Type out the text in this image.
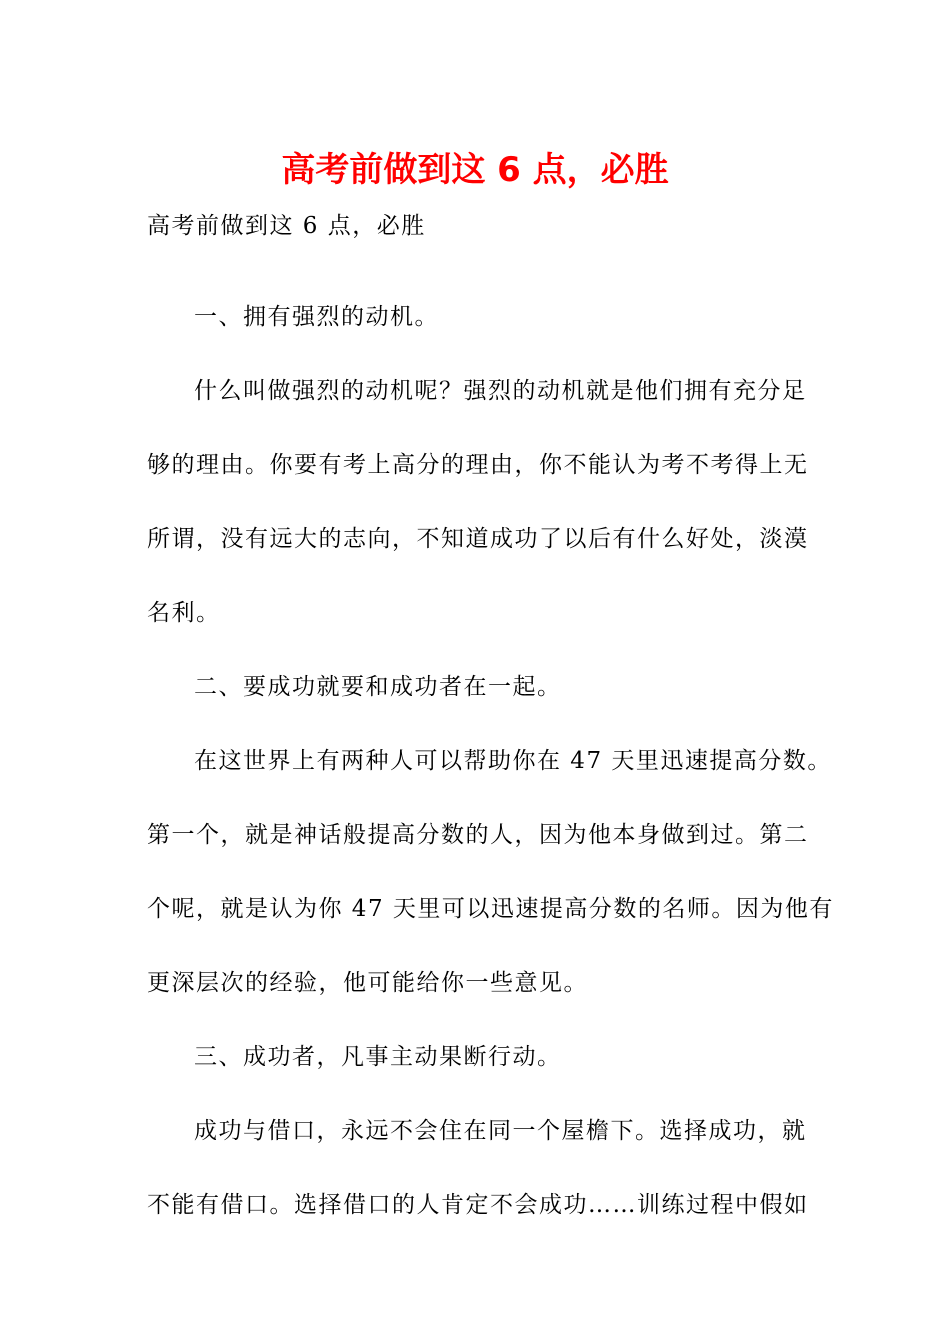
高考前做到这 6 点，必胜
高考前做到这 6 点，必胜
一、拥有强烈的动机。
什么叫做强烈的动机呢？强烈的动机就是他们拥有充分足
够的理由。你要有考上高分的理由，你不能认为考不考得上无
所谓，没有远大的志向，不知道成功了以后有什么好处，淡漠
名利。
二、要成功就要和成功者在一起。
在这世界上有两种人可以帮助你在 47 天里迅速提高分数。
第一个，就是神话般提高分数的人，因为他本身做到过。第二
个呢，就是认为你 47 天里可以迅速提高分数的名师。因为他有
更深层次的经验，他可能给你一些意见。
三、成功者，凡事主动果断行动。
成功与借口，永远不会住在同一个屋檐下。选择成功，就
不能有借口。选择借口的人肯定不会成功……训练过程中假如
